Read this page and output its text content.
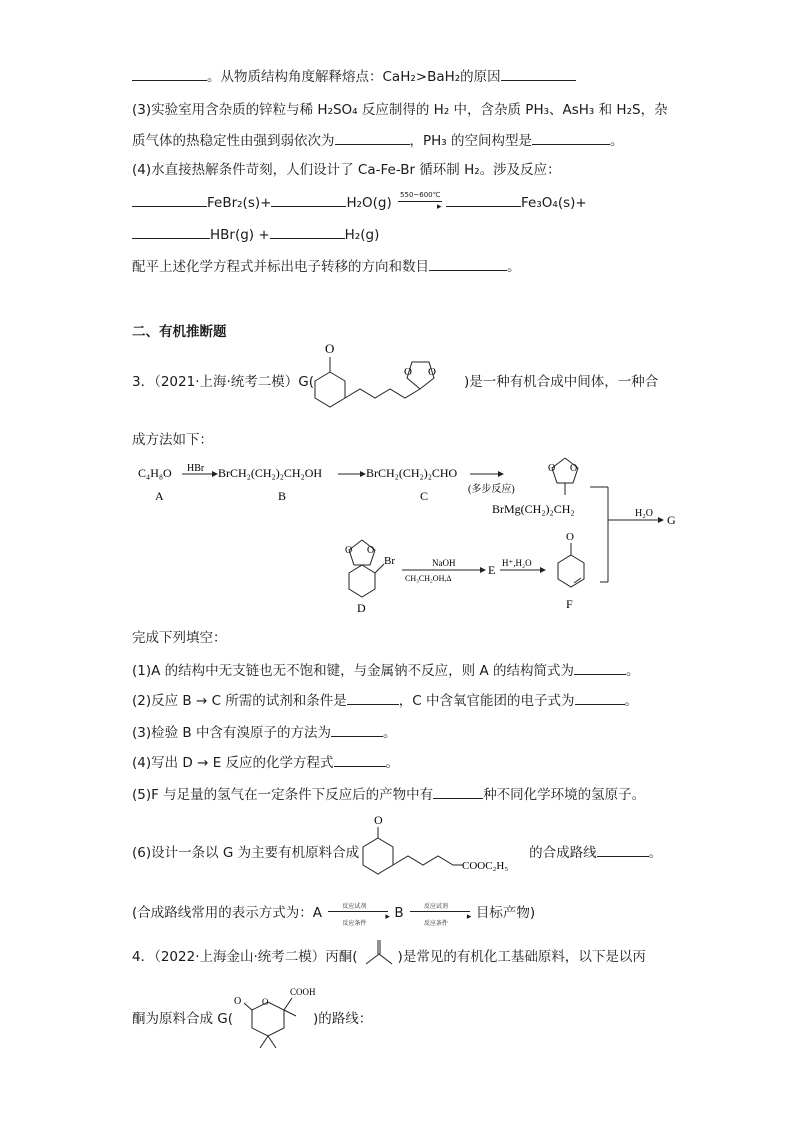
。从物质结构角度解释熔点：CaH₂>BaH₂的原因
(3)实验室用含杂质的锌粒与稀 H₂SO₄ 反应制得的 H₂ 中，含杂质 PH₃、AsH₃ 和 H₂S，杂
质气体的热稳定性由强到弱依次为	，PH₃ 的空间构型是	。
(4)水直接热解条件苛刻，人们设计了 Ca-Fe-Br 循环制 H₂。涉及反应：
FeBr₂(s)+	H₂O(g) 550~600℃
▸	Fe₃O₄(s)+
HBr(g) +	H₂(g)
配平上述化学方程式并标出电子转移的方向和数目	。
二、有机推断题
3．（2021·上海·统考二模）G(	)是一种有机合成中间体，一种合
O
O O
成方法如下：
C₄H₈O
A
HBr BrCH₂(CH₂)₂CH₂OH
B
BrCH₂(CH₂)₂CHO
C	(多步反应)
O O
BrMg(CH₂)₂CH₂	H₂O G
O O
Br
D
NaOH
CH₃CH₂OH,Δ
E H⁺,H₂O
O
F
完成下列填空：
(1)A 的结构中无支链也无不饱和键，与金属钠不反应，则 A 的结构简式为	。
(2)反应 B → C 所需的试剂和条件是	，C 中含氧官能团的电子式为	。
(3)检验 B 中含有溴原子的方法为	。
(4)写出 D → E 反应的化学方程式	。
(5)F 与足量的氢气在一定条件下反应后的产物中有	种不同化学环境的氢原子。
(6)设计一条以 G 为主要有机原料合成	的合成路线	。
O
COOC₂H₅
(合成路线常用的表示方式为：A	反应试剂
▸
反应条件
B	反应试剂
▸
反应条件
目标产物)
4．（2022·上海金山·统考二模）丙酮(	)是常见的有机化工基础原料，以下是以丙
酮为原料合成 G(	)的路线：
O O
COOH
